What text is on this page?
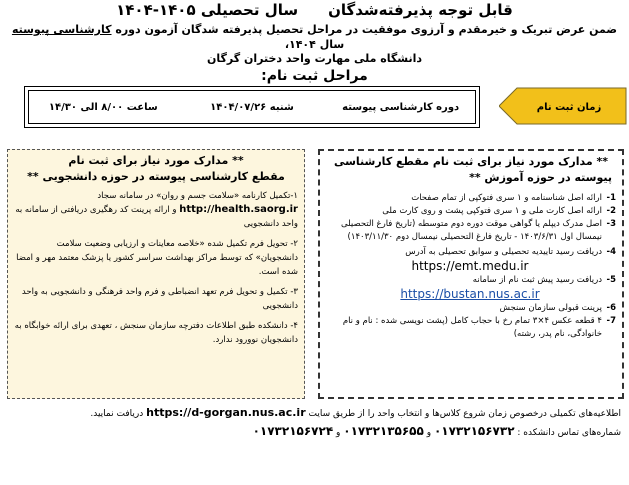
قابل توجه پذیرفته‌شدگانسال تحصیلی ۱۴۰۵-۱۴۰۴
ضمن عرض تبریک و خیرمقدم و آرزوی موفقیت در مراحل تحصیل پذیرفته شدگان آزمون دوره کارشناسی پیوسته سال ۱۴۰۴،
دانشگاه ملی مهارت واحد دختران گرگان
مراحل ثبت نام:
دوره کارشناسی پیوسته
شنبه ۱۴۰۴/۰۷/۲۶
ساعت ۸/۰۰ الی ۱۴/۳۰	زمان ثبت نام
** مدارک مورد نیاز برای ثبت نام
مقطع کارشناسی پیوسته در حوزه دانشجویی **

۱-تکمیل کارنامه «سلامت جسم و روان» در سامانه سجاد http://health.saorg.ir و ارائه پرینت کد رهگیری دریافتی از سامانه به واحد دانشجویی

۲- تحویل فرم تکمیل شده «خلاصه معاینات و ارزیابی وضعیت سلامت دانشجویان» که توسط مراکز بهداشت سراسر کشور یا پزشک معتمد مهر و امضا شده است.

۳- تکمیل و تحویل فرم تعهد انضباطی و فرم واحد فرهنگی و دانشجویی به واحد دانشجویی

۴- دانشکده طبق اطلاعات دفترچه سازمان سنجش ، تعهدی برای ارائه خوابگاه به دانشجویان نوورود ندارد.

** مدارک مورد نیاز برای ثبت نام مقطع کارشناسی
پیوسته در حوزه آموزش **
1-
ارائه اصل شناسنامه و ۱ سری فتوکپی از تمام صفحات
2-
ارائه اصل کارت ملی و ۱ سری فتوکپی پشت و روی کارت ملی
3-
اصل مدرک دیپلم یا گواهی موقت دوره دوم متوسطه (تاریخ فارغ التحصیلی نیمسال اول ۱۴۰۳/۶/۳۱ - تاریخ فارغ التحصیلی نیمسال دوم ۱۴۰۳/۱۱/۳۰)
4-
دریافت رسید تاییدیه تحصیلی و سوابق تحصیلی به آدرس
https://emt.medu.ir
5-
دریافت رسید پیش ثبت نام از سامانه
https://bustan.nus.ac.ir
6-
پرینت قبولی سازمان سنجش
7-
۴ قطعه عکس ۴×۳ تمام رخ با حجاب کامل (پشت نویسی شده : نام و نام خانوادگی، نام پدر، رشته)
اطلاعیه‌های تکمیلی درخصوص زمان شروع کلاس‌ها و انتخاب واحد را از طریق سایت https://d-gorgan.nus.ac.ir دریافت نمایید.
شماره‌های تماس دانشکده : ۰۱۷۳۲۱۵۶۷۳۲ و ۰۱۷۳۲۱۳۵۶۵۵ و ۰۱۷۳۲۱۵۶۷۲۴
